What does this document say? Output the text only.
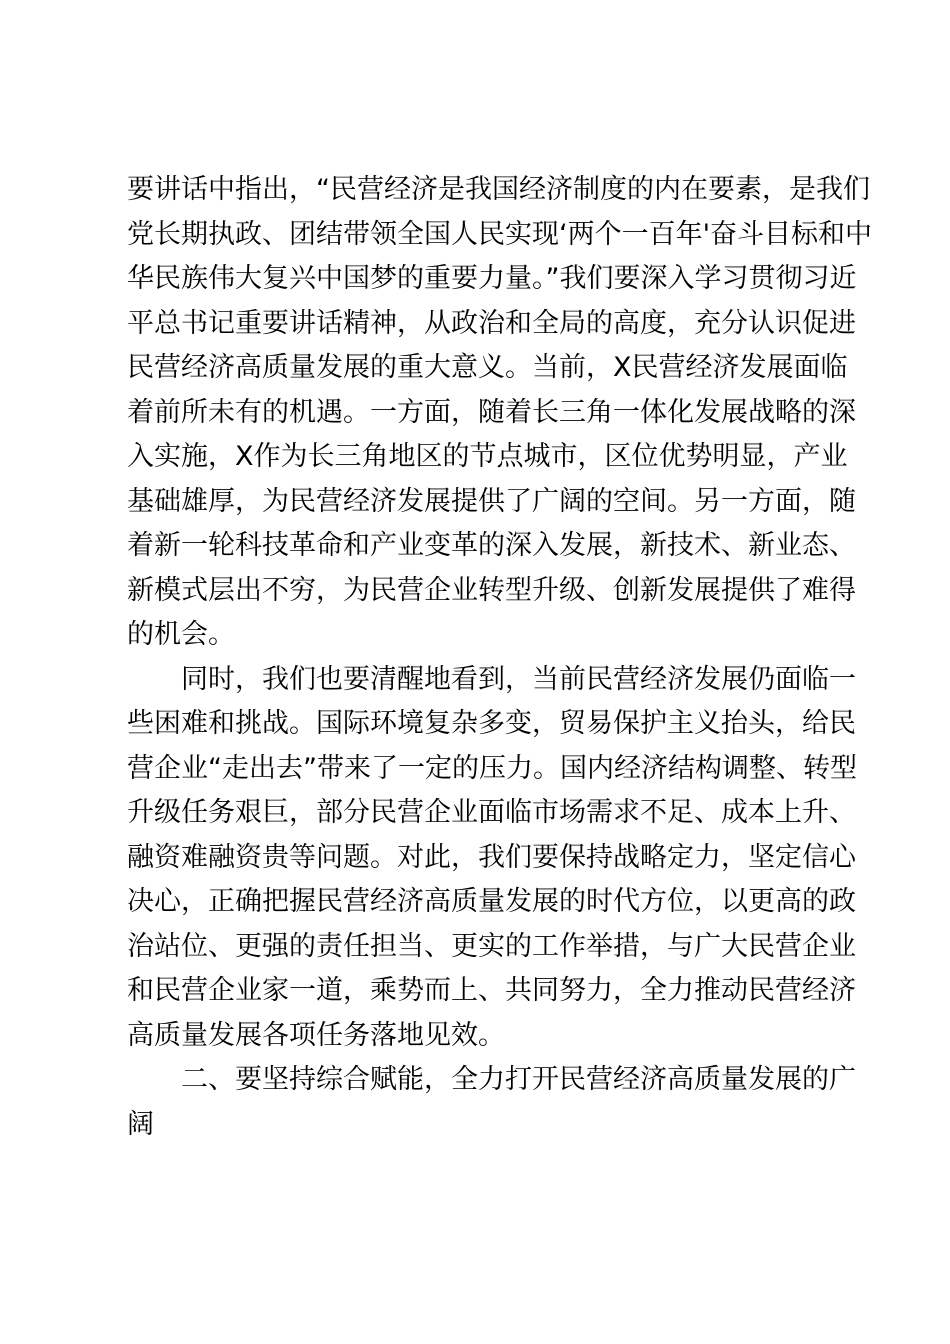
要讲话中指出，“民营经济是我国经济制度的内在要素，是我们
党长期执政、团结带领全国人民实现‘两个一百年'奋斗目标和中
华民族伟大复兴中国梦的重要力量。”我们要深入学习贯彻习近
平总书记重要讲话精神，从政治和全局的高度，充分认识促进
民营经济高质量发展的重大意义。当前，X民营经济发展面临
着前所未有的机遇。一方面，随着长三角一体化发展战略的深
入实施，X作为长三角地区的节点城市，区位优势明显，产业
基础雄厚，为民营经济发展提供了广阔的空间。另一方面，随
着新一轮科技革命和产业变革的深入发展，新技术、新业态、
新模式层出不穷，为民营企业转型升级、创新发展提供了难得
的机会。
同时，我们也要清醒地看到，当前民营经济发展仍面临一
些困难和挑战。国际环境复杂多变，贸易保护主义抬头，给民
营企业“走出去”带来了一定的压力。国内经济结构调整、转型
升级任务艰巨，部分民营企业面临市场需求不足、成本上升、
融资难融资贵等问题。对此，我们要保持战略定力，坚定信心
决心，正确把握民营经济高质量发展的时代方位，以更高的政
治站位、更强的责任担当、更实的工作举措，与广大民营企业
和民营企业家一道，乘势而上、共同努力，全力推动民营经济
高质量发展各项任务落地见效。
二、要坚持综合赋能，全力打开民营经济高质量发展的广
阔
